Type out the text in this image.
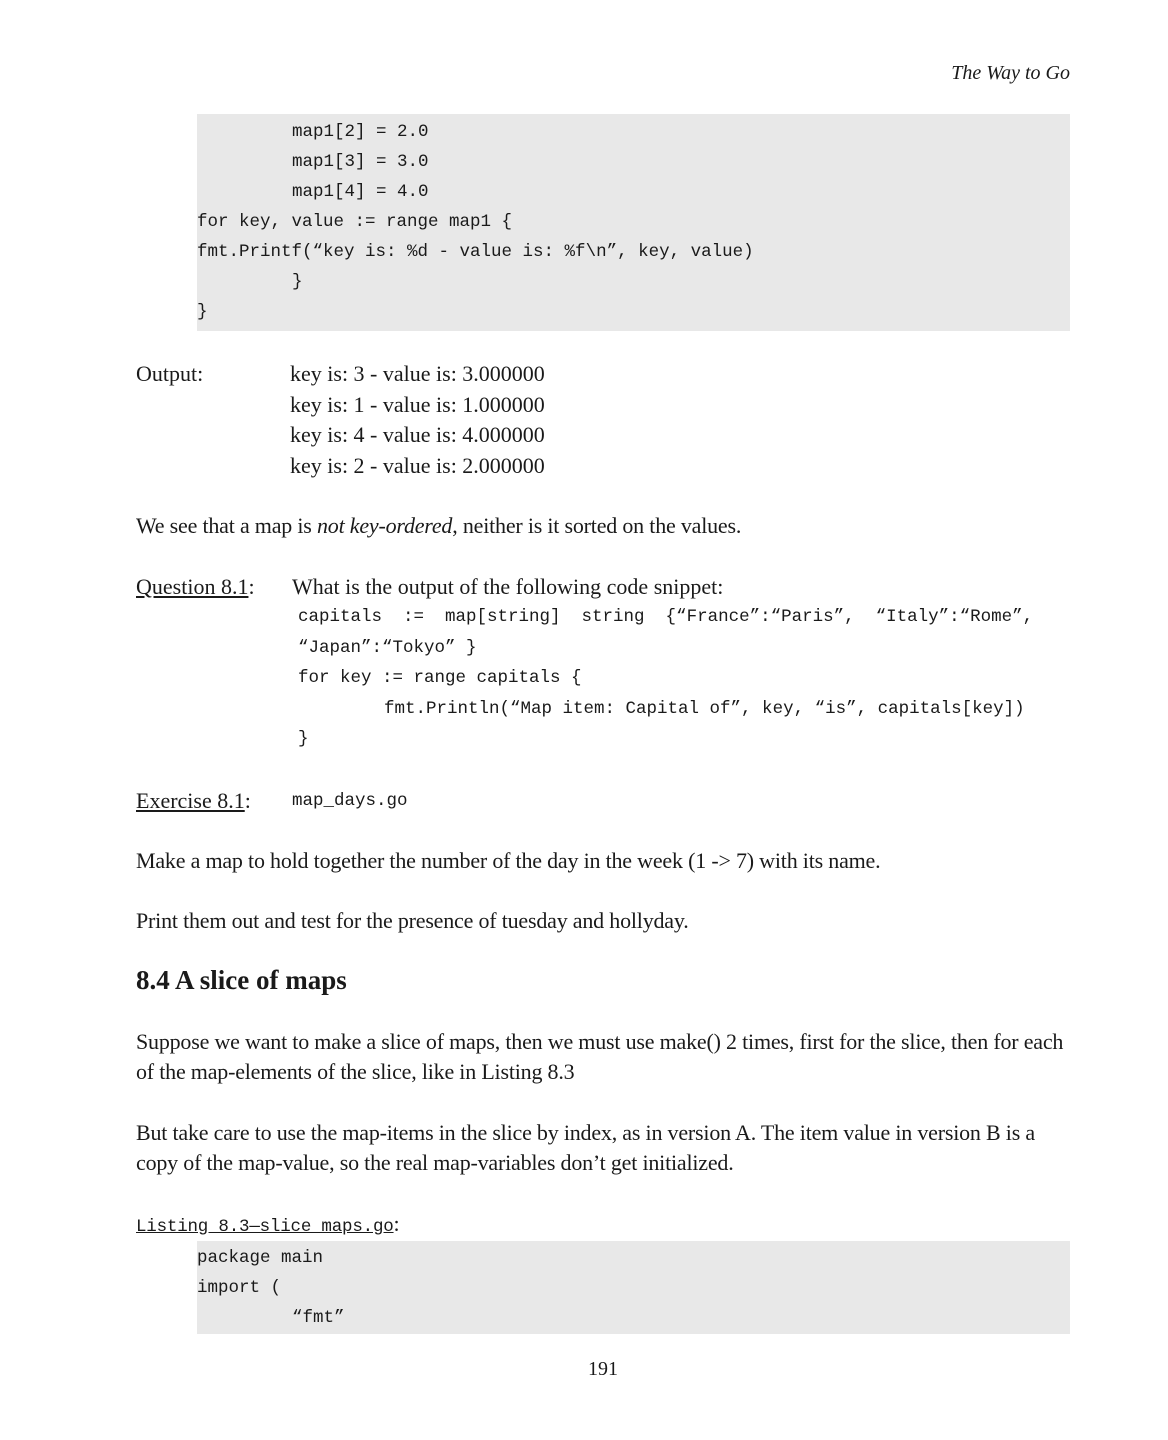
The Way to Go
map1[2] = 2.0
map1[3] = 3.0
map1[4] = 4.0
for key, value := range map1 {
fmt.Printf(“key is: %d - value is: %f\n”, key, value)
}
}
Output:	key is: 3 - value is: 3.000000
key is: 1 - value is: 1.000000
key is: 4 - value is: 4.000000
key is: 2 - value is: 2.000000
We see that a map is not key-ordered, neither is it sorted on the values.
Question 8.1:	What is the output of the following code snippet:
capitals  :=  map[string]  string  {“France”:“Paris”,  “Italy”:“Rome”,
“Japan”:“Tokyo” }
for key := range capitals {
fmt.Println(“Map item: Capital of”, key, “is”, capitals[key])
}
Exercise 8.1:	map_days.go
Make a map to hold together the number of the day in the week (1 -> 7) with its name.
Print them out and test for the presence of tuesday and hollyday.
8.4 A slice of maps
Suppose we want to make a slice of maps, then we must use make() 2 times, first for the slice, then for each of the map-elements of the slice, like in Listing 8.3
But take care to use the map-items in the slice by index, as in version A. The item value in version B is a copy of the map-value, so the real map-variables don’t get initialized.
Listing 8.3—slice_maps.go:
package main
import (
“fmt”
191
